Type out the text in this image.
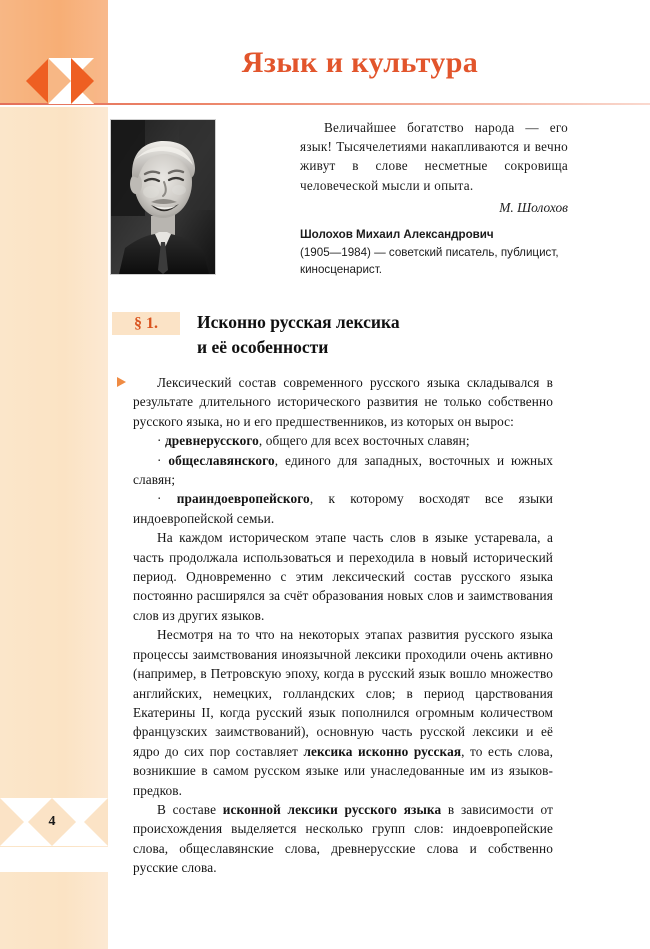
Язык и культура
Величайшее богатство народа — его язык! Тысячелетиями накапливаются и вечно живут в слове несметные сокровища человеческой мысли и опыта.
М. Шолохов
Шолохов Михаил Александрович
(1905—1984) — советский писатель, публицист, киносценарист.
§ 1.	Исконно русская лексика
и её особенности

Лексический состав современного русского языка складывался в результате длительного исторического развития не только собственно русского языка, но и его предшественников, из которых он вырос:

· древнерусского, общего для всех восточных славян;

· общеславянского, единого для западных, восточных и южных славян;

· праиндоевропейского, к которому восходят все языки индоевропейской семьи.

На каждом историческом этапе часть слов в языке устаревала, а часть продолжала использоваться и переходила в новый исторический период. Одновременно с этим лексический состав русского языка постоянно расширялся за счёт образования новых слов и заимствования слов из других языков.

Несмотря на то что на некоторых этапах развития русского языка процессы заимствования иноязычной лексики проходили очень активно (например, в Петровскую эпоху, когда в русский язык вошло множество английских, немецких, голландских слов; в период царствования Екатерины II, когда русский язык пополнился огромным количеством французских заимствований), основную часть русской лексики и её ядро до сих пор составляет лексика исконно русская, то есть слова, возникшие в самом русском языке или унаследованные им из языков-предков.

В составе исконной лексики русского языка в зависимости от происхождения выделяется несколько групп слов: индоевропейские слова, общеславянские слова, древнерусские слова и собственно русские слова.

4
